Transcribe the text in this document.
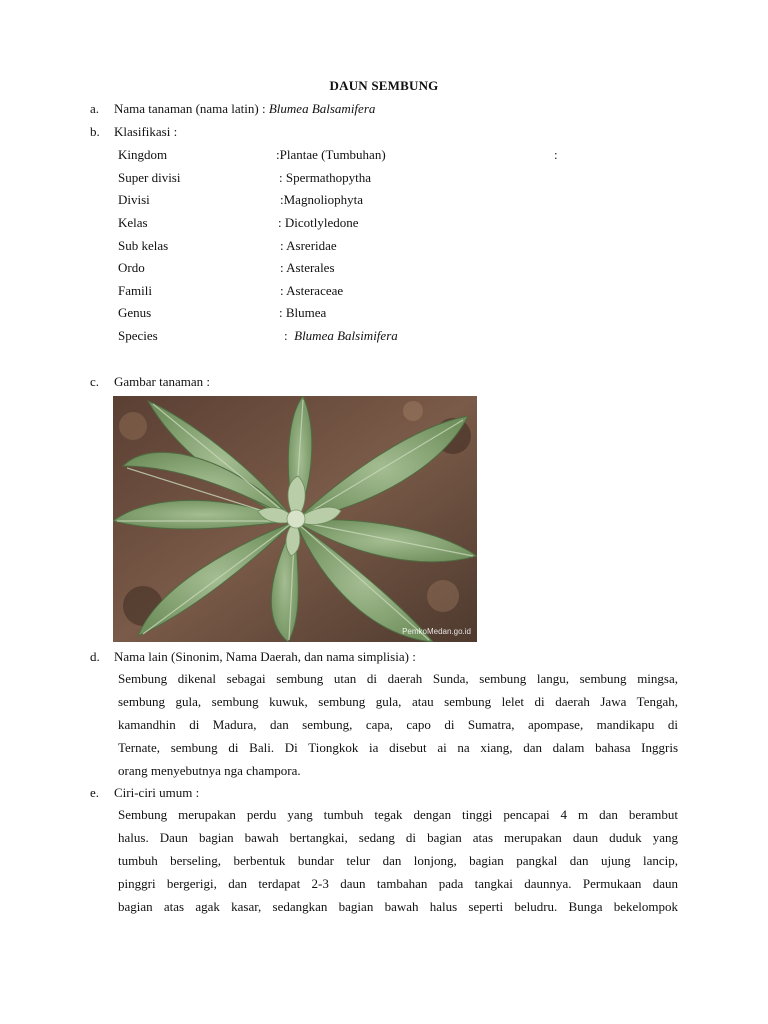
DAUN SEMBUNG
a. Nama tanaman (nama latin) : Blumea Balsamifera
b. Klasifikasi :
Kingdom	:Plantae (Tumbuhan)	:
Super divisi	: Spermathopytha
Divisi	:Magnoliophyta
Kelas	: Dicotlyledone
Sub kelas	: Asreridae
Ordo	: Asterales
Famili	: Asteraceae
Genus	: Blumea
Species	: Blumea Balsimifera
c. Gambar tanaman :
PemkoMedan.go.id
d. Nama lain (Sinonim, Nama Daerah, dan nama simplisia) :
Sembung dikenal sebagai sembung utan di daerah Sunda, sembung langu, sembung mingsa,
sembung gula, sembung kuwuk, sembung gula, atau sembung lelet di daerah Jawa Tengah,
kamandhin di Madura, dan sembung, capa, capo di Sumatra, apompase, mandikapu di
Ternate, sembung di Bali. Di Tiongkok ia disebut ai na xiang, dan dalam bahasa Inggris
orang menyebutnya nga champora.
e. Ciri-ciri umum :
Sembung merupakan perdu yang tumbuh tegak dengan tinggi pencapai 4 m dan berambut
halus. Daun bagian bawah bertangkai, sedang di bagian atas merupakan daun duduk yang
tumbuh berseling, berbentuk bundar telur dan lonjong, bagian pangkal dan ujung lancip,
pinggri bergerigi, dan terdapat 2-3 daun tambahan pada tangkai daunnya. Permukaan daun
bagian atas agak kasar, sedangkan bagian bawah halus seperti beludru. Bunga bekelompok
